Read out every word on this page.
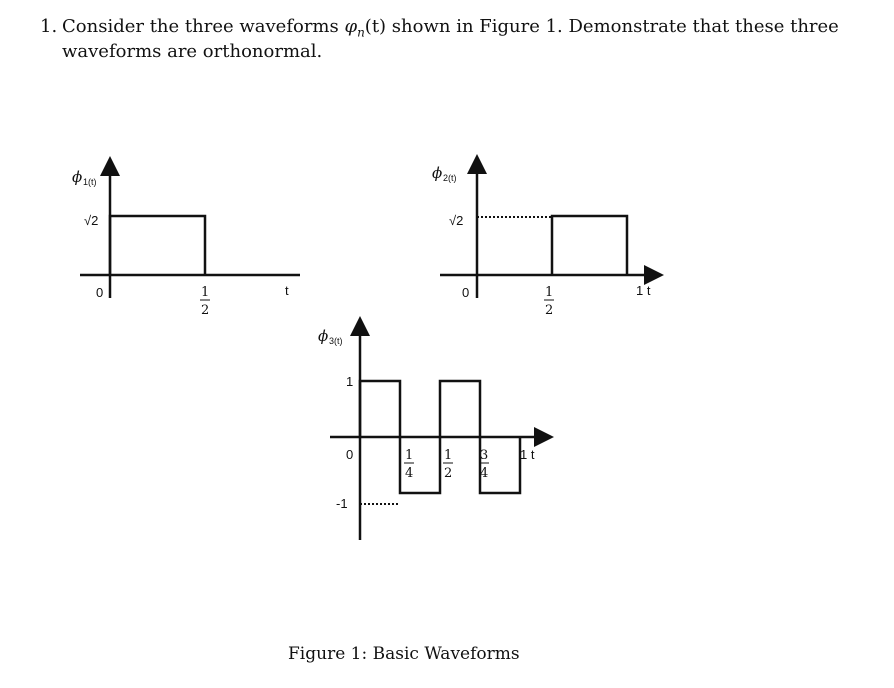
1. Consider the three waveforms $\varphi_n(t)$ shown in Figure 1. Demonstrate that these three
waveforms are orthonormal.
ϕ 1(t)
√2
0	1
2
t
ϕ 2(t)
√2
0	1
2
1 t
ϕ 3(t)
1
0
-1
1
4
1
2
3
4
1 t
Figure 1: Basic Waveforms
